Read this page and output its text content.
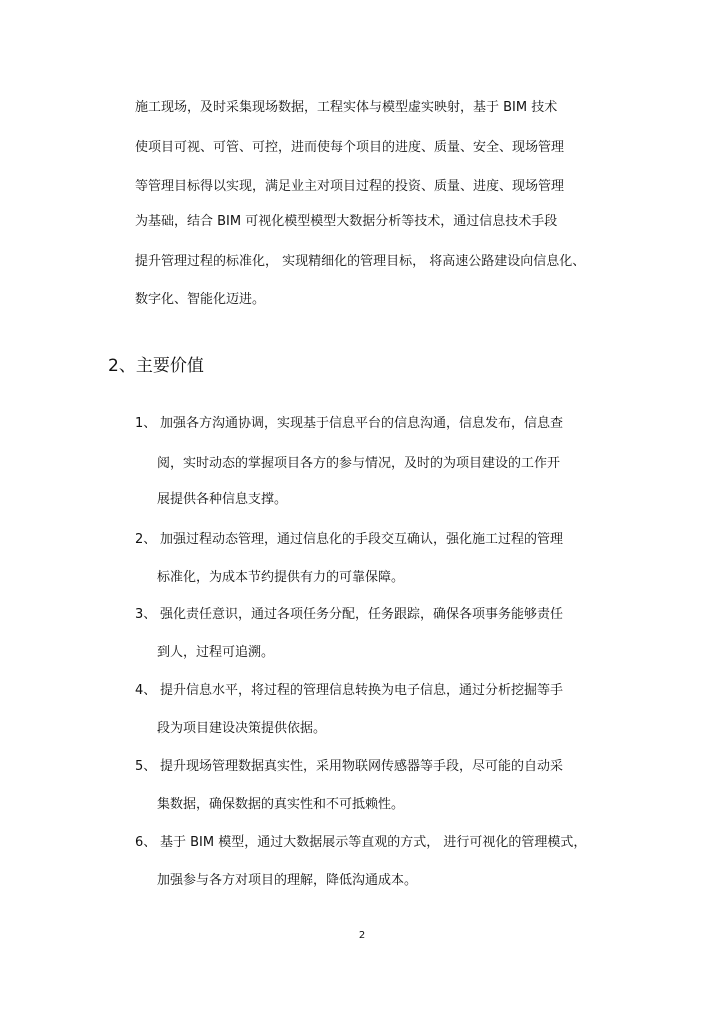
施工现场，及时采集现场数据，工程实体与模型虚实映射，基于 BIM 技术
使项目可视、可管、可控，进而使每个项目的进度、质量、安全、现场管理
等管理目标得以实现，满足业主对项目过程的投资、质量、进度、现场管理
为基础，结合 BIM 可视化模型模型大数据分析等技术，通过信息技术手段
提升管理过程的标准化， 实现精细化的管理目标， 将高速公路建设向信息化、
数字化、智能化迈进。
2、主要价值
1、 加强各方沟通协调，实现基于信息平台的信息沟通，信息发布，信息查
阅，实时动态的掌握项目各方的参与情况，及时的为项目建设的工作开
展提供各种信息支撑。
2、 加强过程动态管理，通过信息化的手段交互确认，强化施工过程的管理
标准化，为成本节约提供有力的可靠保障。
3、 强化责任意识，通过各项任务分配，任务跟踪，确保各项事务能够责任
到人，过程可追溯。
4、 提升信息水平，将过程的管理信息转换为电子信息，通过分析挖掘等手
段为项目建设决策提供依据。
5、 提升现场管理数据真实性，采用物联网传感器等手段，尽可能的自动采
集数据，确保数据的真实性和不可抵赖性。
6、 基于 BIM 模型，通过大数据展示等直观的方式， 进行可视化的管理模式，
加强参与各方对项目的理解，降低沟通成本。
2
